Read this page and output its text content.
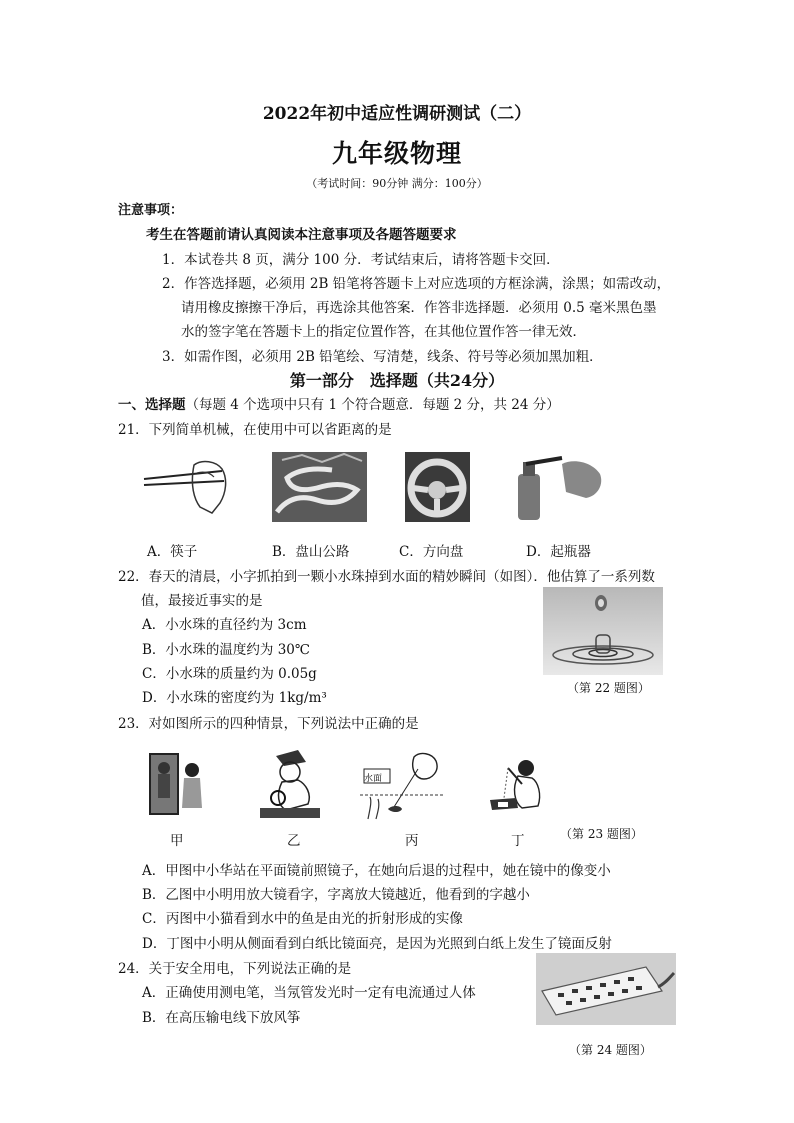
2022年初中适应性调研测试（二）
九年级物理
（考试时间：90分钟 满分：100分）
注意事项：
考生在答题前请认真阅读本注意事项及各题答题要求
1．本试卷共 8 页，满分 100 分．考试结束后，请将答题卡交回．
2．作答选择题，必须用 2B 铅笔将答题卡上对应选项的方框涂满，涂黑；如需改动，
请用橡皮擦擦干净后，再选涂其他答案．作答非选择题．必须用 0.5 毫米黑色墨
水的签字笔在答题卡上的指定位置作答，在其他位置作答一律无效．
3．如需作图，必须用 2B 铅笔绘、写清楚，线条、符号等必须加黑加粗．
第一部分　选择题（共24分）
一、选择题（每题 4 个选项中只有 1 个符合题意．每题 2 分，共 24 分）
21．下列简单机械，在使用中可以省距离的是
A．筷子	B．盘山公路	C．方向盘	D．起瓶器
22．春天的清晨，小字抓拍到一颗小水珠掉到水面的精妙瞬间（如图）．他估算了一系列数
值，最接近事实的是
A．小水珠的直径约为 3cm
B．小水珠的温度约为 30℃
C．小水珠的质量约为 0.05g
D．小水珠的密度约为 1kg/m³
（第 22 题图）
23．对如图所示的四种情景，下列说法中正确的是
水面
甲	乙	丙	丁	（第 23 题图）
A．甲图中小华站在平面镜前照镜子，在她向后退的过程中，她在镜中的像变小
B．乙图中小明用放大镜看字，字离放大镜越近，他看到的字越小
C．丙图中小猫看到水中的鱼是由光的折射形成的实像
D．丁图中小明从侧面看到白纸比镜面亮，是因为光照到白纸上发生了镜面反射
24．关于安全用电，下列说法正确的是
A．正确使用测电笔，当氖管发光时一定有电流通过人体
B．在高压输电线下放风筝
（第 24 题图）
